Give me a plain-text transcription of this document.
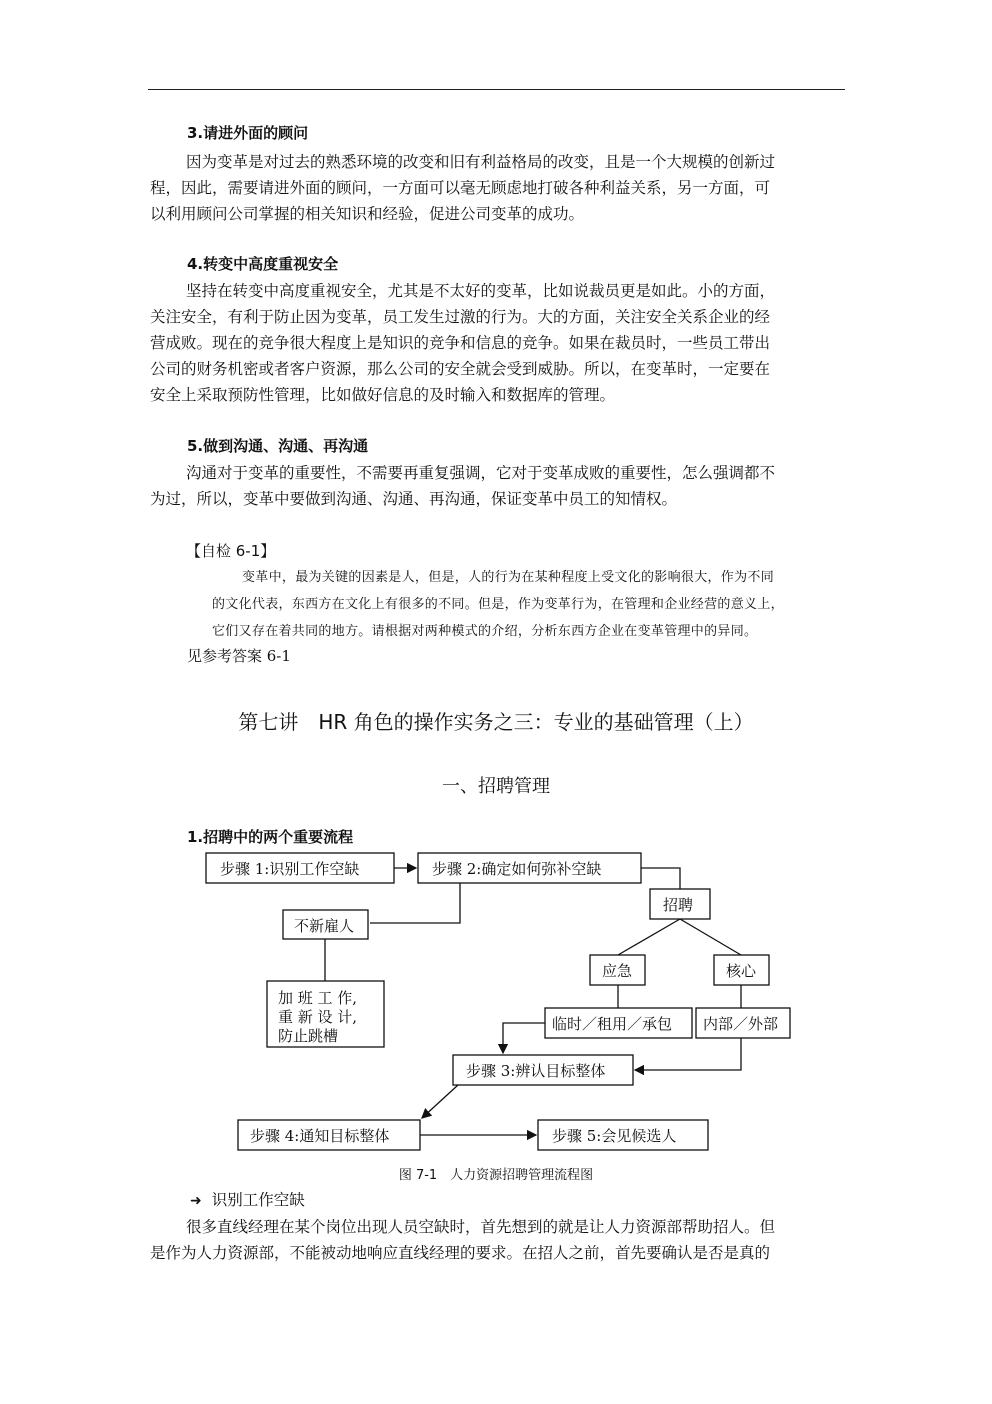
3.请进外面的顾问
因为变革是对过去的熟悉环境的改变和旧有利益格局的改变，且是一个大规模的创新过
程，因此，需要请进外面的顾问，一方面可以毫无顾虑地打破各种利益关系，另一方面，可
以利用顾问公司掌握的相关知识和经验，促进公司变革的成功。
4.转变中高度重视安全
坚持在转变中高度重视安全，尤其是不太好的变革，比如说裁员更是如此。小的方面，
关注安全，有利于防止因为变革，员工发生过激的行为。大的方面，关注安全关系企业的经
营成败。现在的竞争很大程度上是知识的竞争和信息的竞争。如果在裁员时，一些员工带出
公司的财务机密或者客户资源，那么公司的安全就会受到威胁。所以，在变革时，一定要在
安全上采取预防性管理，比如做好信息的及时输入和数据库的管理。
5.做到沟通、沟通、再沟通
沟通对于变革的重要性，不需要再重复强调，它对于变革成败的重要性，怎么强调都不
为过，所以，变革中要做到沟通、沟通、再沟通，保证变革中员工的知情权。
【自检 6-1】
变革中，最为关键的因素是人，但是，人的行为在某种程度上受文化的影响很大，作为不同
的文化代表，东西方在文化上有很多的不同。但是，作为变革行为，在管理和企业经营的意义上，
它们又存在着共同的地方。请根据对两种模式的介绍，分析东西方企业在变革管理中的异同。
见参考答案 6-1
第七讲　HR 角色的操作实务之三：专业的基础管理（上）
一、招聘管理
1.招聘中的两个重要流程
步骤 1:识别工作空缺	步骤 2:确定如何弥补空缺
招聘
不新雇人
加 班 工 作,
重 新 设 计,
防止跳槽
应急	核心
临时／租用／承包 内部／外部
步骤 3:辨认目标整体
步骤 4:通知目标整体	步骤 5:会见候选人
图 7-1　人力资源招聘管理流程图
➜ 识别工作空缺
很多直线经理在某个岗位出现人员空缺时，首先想到的就是让人力资源部帮助招人。但
是作为人力资源部，不能被动地响应直线经理的要求。在招人之前，首先要确认是否是真的
